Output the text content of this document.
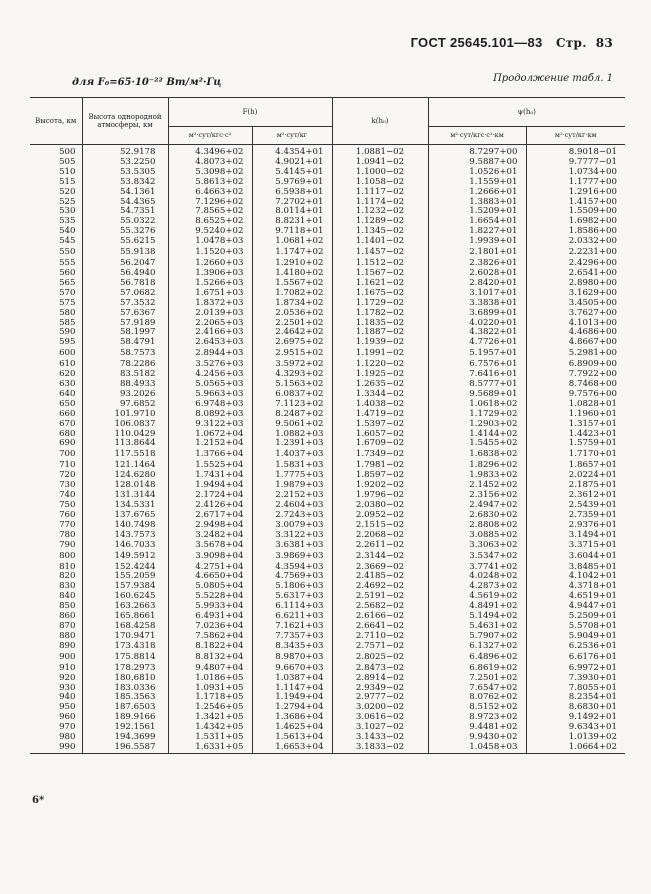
ГОСТ 25645.101—83 Стр. 83
Продолжение табл. 1
для F₀=65·10⁻²² Вт/м²·Гц
Высота, км	Высота однородной атмосферы, км	F(h)		k(h₀)	ψ(h₀)	
		м²·сут/кгс·с²	м²·сут/кг		м²·сут/кгс·с²·км	м²·сут/кг·км
500	52.9178	4.3496+02	4.4354+01	1.0881−02	8.7297+00	8.9018−01
505	53.2250	4.8073+02	4.9021+01	1.0941−02	9.5887+00	9.7777−01
510	53.5305	5.3098+02	5.4145+01	1.1000−02	1.0526+01	1.0734+00
515	53.8342	5.8613+02	5.9769+01	1.1058−02	1.1559+01	1.1777+00
520	54.1361	6.4663+02	6.5938+01	1.1117−02	1.2666+01	1.2916+00
525	54.4365	7.1296+02	7.2702+01	1.1174−02	1.3883+01	1.4157+00
530	54.7351	7.8565+02	8.0114+01	1.1232−02	1.5209+01	1.5509+00
535	55.0322	8.6525+02	8.8231+01	1.1289−02	1.6654+01	1.6982+00
540	55.3276	9.5240+02	9.7118+01	1.1345−02	1.8227+01	1.8586+00
545	55.6215	1.0478+03	1.0681+02	1.1401−02	1.9939+01	2.0332+00
550	55.9138	1.1520+03	1.1747+02	1.1457−02	2.1801+01	2.2231+00
555	56.2047	1.2660+03	1.2910+02	1.1512−02	2.3826+01	2.4296+00
560	56.4940	1.3906+03	1.4180+02	1.1567−02	2.6028+01	2.6541+00
565	56.7818	1.5266+03	1.5567+02	1.1621−02	2.8420+01	2.8980+00
570	57.0682	1.6751+03	1.7082+02	1.1675−02	3.1017+01	3.1629+00
575	57.3532	1.8372+03	1.8734+02	1.1729−02	3.3838+01	3.4505+00
580	57.6367	2.0139+03	2.0536+02	1.1782−02	3.6899+01	3.7627+00
585	57.9189	2.2065+03	2.2501+02	1.1835−02	4.0220+01	4.1013+00
590	58.1997	2.4166+03	2.4642+02	1.1887−02	4.3822+01	4.4686+00
595	58.4791	2.6453+03	2.6975+02	1.1939−02	4.7726+01	4.8667+00
600	58.7573	2.8944+03	2.9515+02	1.1991−02	5.1957+01	5.2981+00
610	78.2286	3.5276+03	3.5972+02	1.1220−02	6.7576+01	6.8909+00
620	83.5182	4.2456+03	4.3293+02	1.1925−02	7.6416+01	7.7922+00
630	88.4933	5.0565+03	5.1563+02	1.2635−02	8.5777+01	8.7468+00
640	93.2026	5.9663+03	6.0837+02	1.3344−02	9.5689+01	9.7576+00
650	97.6852	6.9748+03	7.1123+02	1.4038−02	1.0618+02	1.0828+01
660	101.9710	8.0892+03	8.2487+02	1.4719−02	1.1729+02	1.1960+01
670	106.0837	9.3122+03	9.5061+02	1.5397−02	1.2903+02	1.3157+01
680	110.0429	1.0672+04	1.0882+03	1.6057−02	1.4144+02	1.4423+01
690	113.8644	1.2152+04	1.2391+03	1.6709−02	1.5455+02	1.5759+01
700	117.5518	1.3766+04	1.4037+03	1.7349−02	1.6838+02	1.7170+01
710	121.1464	1.5525+04	1.5831+03	1.7981−02	1.8296+02	1.8657+01
720	124.6280	1.7431+04	1.7775+03	1.8597−02	1.9833+02	2.0224+01
730	128.0148	1.9494+04	1.9879+03	1.9202−02	2.1452+02	2.1875+01
740	131.3144	2.1724+04	2.2152+03	1.9796−02	2.3156+02	2.3612+01
750	134.5331	2.4126+04	2.4604+03	2.0380−02	2.4947+02	2.5439+01
760	137.6765	2.6717+04	2.7243+03	2.0952−02	2.6830+02	2.7359+01
770	140.7498	2.9498+04	3.0079+03	2.1515−02	2.8808+02	2.9376+01
780	143.7573	3.2482+04	3.3122+03	2.2068−02	3.0885+02	3.1494+01
790	146.7033	3.5678+04	3.6381+03	2.2611−02	3.3063+02	3.3715+01
800	149.5912	3.9098+04	3.9869+03	2.3144−02	3.5347+02	3.6044+01
810	152.4244	4.2751+04	4.3594+03	2.3669−02	3.7741+02	3.8485+01
820	155.2059	4.6650+04	4.7569+03	2.4185−02	4.0248+02	4.1042+01
830	157.9384	5.0805+04	5.1806+03	2.4692−02	4.2873+02	4.3718+01
840	160.6245	5.5228+04	5.6317+03	2.5191−02	4.5619+02	4.6519+01
850	163.2663	5.9933+04	6.1114+03	2.5682−02	4.8491+02	4.9447+01
860	165.8661	6.4931+04	6.6211+03	2.6166−02	5.1494+02	5.2509+01
870	168.4258	7.0236+04	7.1621+03	2.6641−02	5.4631+02	5.5708+01
880	170.9471	7.5862+04	7.7357+03	2.7110−02	5.7907+02	5.9049+01
890	173.4318	8.1822+04	8.3435+03	2.7571−02	6.1327+02	6.2536+01
900	175.8814	8.8132+04	8.9870+03	2.8025−02	6.4896+02	6.6176+01
910	178.2973	9.4807+04	9.6670+03	2.8473−02	6.8619+02	6.9972+01
920	180.6810	1.0186+05	1.0387+04	2.8914−02	7.2501+02	7.3930+01
930	183.0336	1.0931+05	1.1147+04	2.9349−02	7.6547+02	7.8055+01
940	185.3563	1.1718+05	1.1949+04	2.9777−02	8.0762+02	8.2354+01
950	187.6503	1.2546+05	1.2794+04	3.0200−02	8.5152+02	8.6830+01
960	189.9166	1.3421+05	1.3686+04	3.0616−02	8.9723+02	9.1492+01
970	192.1561	1.4342+05	1.4625+04	3.1027−02	9.4481+02	9.6343+01
980	194.3699	1.5311+05	1.5613+04	3.1433−02	9.9430+02	1.0139+02
990	196.5587	1.6331+05	1.6653+04	3.1833−02	1.0458+03	1.0664+02
6*
